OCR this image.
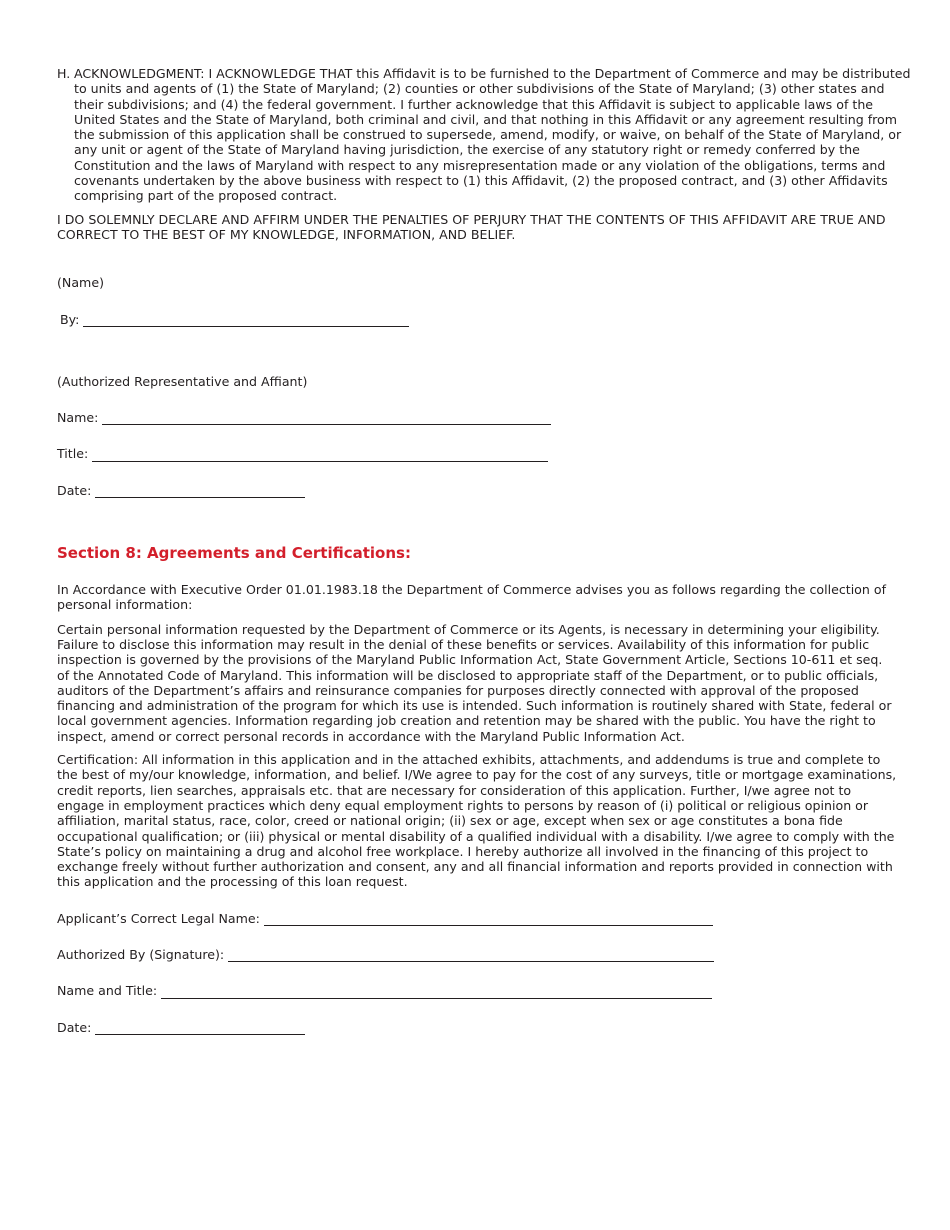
H. ACKNOWLEDGMENT: I ACKNOWLEDGE THAT this Affidavit is to be furnished to the Department of Commerce and may be distributed to units and agents of (1) the State of Maryland; (2) counties or other subdivisions of the State of Maryland; (3) other states and their subdivisions; and (4) the federal government. I further acknowledge that this Affidavit is subject to applicable laws of the United States and the State of Maryland, both criminal and civil, and that nothing in this Affidavit or any agreement resulting from the submission of this application shall be construed to supersede, amend, modify, or waive, on behalf of the State of Maryland, or any unit or agent of the State of Maryland having jurisdiction, the exercise of any statutory right or remedy conferred by the Constitution and the laws of Maryland with respect to any misrepresentation made or any violation of the obligations, terms and covenants undertaken by the above business with respect to (1) this Affidavit, (2) the proposed contract, and (3) other Affidavits comprising part of the proposed contract.
I DO SOLEMNLY DECLARE AND AFFIRM UNDER THE PENALTIES OF PERJURY THAT THE CONTENTS OF THIS AFFIDAVIT ARE TRUE AND CORRECT TO THE BEST OF MY KNOWLEDGE, INFORMATION, AND BELIEF.
(Name)
By:
(Authorized Representative and Affiant)
Name:
Title:
Date:
Section 8: Agreements and Certifications:
In Accordance with Executive Order 01.01.1983.18 the Department of Commerce advises you as follows regarding the collection of personal information:
Certain personal information requested by the Department of Commerce or its Agents, is necessary in determining your eligibility. Failure to disclose this information may result in the denial of these benefits or services. Availability of this information for public inspection is governed by the provisions of the Maryland Public Information Act, State Government Article, Sections 10-611 et seq. of the Annotated Code of Maryland. This information will be disclosed to appropriate staff of the Department, or to public officials, auditors of the Department’s affairs and reinsurance companies for purposes directly connected with approval of the proposed financing and administration of the program for which its use is intended. Such information is routinely shared with State, federal or local government agencies. Information regarding job creation and retention may be shared with the public. You have the right to inspect, amend or correct personal records in accordance with the Maryland Public Information Act.
Certification: All information in this application and in the attached exhibits, attachments, and addendums is true and complete to the best of my/our knowledge, information, and belief. I/We agree to pay for the cost of any surveys, title or mortgage examinations, credit reports, lien searches, appraisals etc. that are necessary for consideration of this application. Further, I/we agree not to engage in employment practices which deny equal employment rights to persons by reason of (i) political or religious opinion or affiliation, marital status, race, color, creed or national origin; (ii) sex or age, except when sex or age constitutes a bona fide occupational qualification; or (iii) physical or mental disability of a qualified individual with a disability. I/we agree to comply with the State’s policy on maintaining a drug and alcohol free workplace. I hereby authorize all involved in the financing of this project to exchange freely without further authorization and consent, any and all financial information and reports provided in connection with this application and the processing of this loan request.
Applicant’s Correct Legal Name:
Authorized By (Signature):
Name and Title:
Date:
